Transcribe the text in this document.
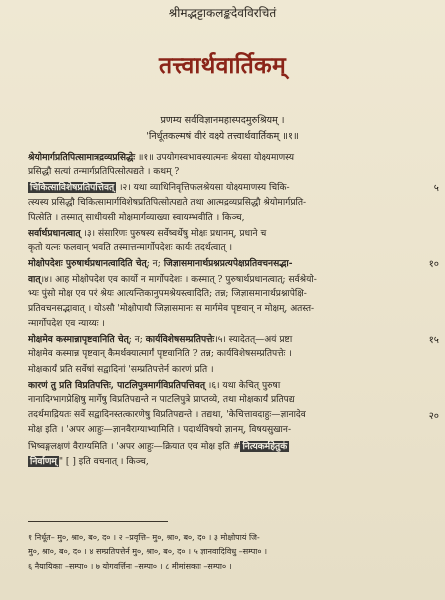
श्रीमद्भट्टाकलङ्कदेवविरचितं
तत्त्वार्थवार्तिकम्
प्रणम्य सर्वविज्ञानमहास्पदमुरुश्रियम् ।
'निर्धूतकल्मषं वीरं वक्ष्ये तत्त्वार्थवार्तिकम् ॥१॥
श्रेयोमार्गप्रतिपित्सामात्रद्रव्यप्रसिद्धेः ॥१॥ उपयोगस्वभावस्यात्मनः श्रेयसा योक्ष्यमाणस्य
प्रसिद्धौ सत्यां तन्मार्गप्रतिपित्सोत्पद्यते । कथम् ?
चिकित्साविशेषप्रतिपत्तिवत् ।२। यथा व्याधिनिवृत्तिफलश्रेयसा योक्ष्यमाणस्य चिकि-
त्स्यस्य प्रसिद्धौ चिकित्सामार्गविशेषप्रतिपित्सोत्पद्यते तथा आत्मद्रव्यप्रसिद्धौ श्रेयोमार्गप्रति-
पित्सेति । तस्मात् साधीयसी मोक्षमार्गव्याख्या स्वायम्भवीति । किञ्च,
सर्वार्थप्रधानत्वात् ।३। संसारिणः पुरुषस्य सर्वेष्वर्थेषु मोक्षः प्रधानम्, प्रधाने च
कृतो यत्नः फलवान् भवति तस्मात्तन्मार्गोपदेशः कार्यः तदर्थत्वात् ।
मोक्षोपदेशः पुरुषार्थप्रधानत्वादिति चेत्; न; जिज्ञासमानार्थप्रश्नप्रत्यपेक्षप्रतिवचनसद्भा-
वात्।४। आह मोक्षोपदेश एव कार्यो न मार्गोपदेशः । कस्मात् ? पुरुषार्थप्रधानत्वात्; सर्वश्रेयो-
भ्यः पुंसो मोक्ष एव परं श्रेयः आत्यन्तिकानुपमश्रेयस्त्वादिति; तन्न; जिज्ञासमानार्थप्रश्नापेक्षि-
प्रतिवचनसद्भावात् । योऽसौ 'मोक्षोपायौ जिज्ञासमानः स मार्गमेव पृष्टवान् न मोक्षम्, अतस्त-
न्मार्गोपदेश एव न्याय्यः ।
मोक्षमेव कस्मान्नापृष्टवानिति चेत्; न; कार्यविशेषसम्प्रतिपत्तेः।५। स्यादेतत्—अयं प्रष्टा
मोक्षमेव कस्मान्न पृष्टवान् कैमर्थक्यात्मार्गं पृष्टवानिति ? तन्न; कार्यविशेषसम्प्रतिपत्तेः ।
मोक्षकार्यं प्रति सर्वेषां सद्वादिनां 'सम्प्रतिपत्तेर्न कारणं प्रति ।
कारणं तु प्रति विप्रतिपत्तिः, पाटलिपुत्रमार्गविप्रतिपत्तिवत् ।६। यथा केचित् पुरुषा
नानादिग्भागप्रेक्षिषु मार्गेषु विप्रतिपद्यन्ते न पाटलिपुत्रे प्राप्तव्ये, तथा मोक्षकार्यं प्रतिपद्य
तदर्थमाद्रियतः सर्वे सद्वादिनस्तत्कारणेषु विप्रतिपद्यन्ते । तद्यथा, 'केचित्तावदाहुः—ज्ञानादेव
मोक्ष इति । 'अपर आहुः—ज्ञानवैराग्याभ्यामिति । पदार्थविषयो ज्ञानम्, विषयसुखान-
भिष्वङ्गलक्षणं वैराग्यमिति । 'अपर आहुः—क्रियात एव मोक्ष इति # नित्यकर्महेतुकं
निर्वाणम् " [ ] इति वचनात् । किञ्च,
१ निर्धूत– मु०, श्रा०, ब०, द० । २ –प्रवृत्ति– मु०, श्रा०, ब०, द० । ३ मोक्षोपायं जि-
मु०, श्रा०, ब०, द० । ४ सम्प्रतिपत्तेर्न मु०, श्रा०, ब०, द० । ५ ज्ञानवादिविधु –सम्पा० ।
६ नैयायिकाः –सम्पा० । ७ योगवर्त्तिनः –सम्पा० । ८ मीमांसकाः –सम्पा० ।
५
१०
१५
२०
